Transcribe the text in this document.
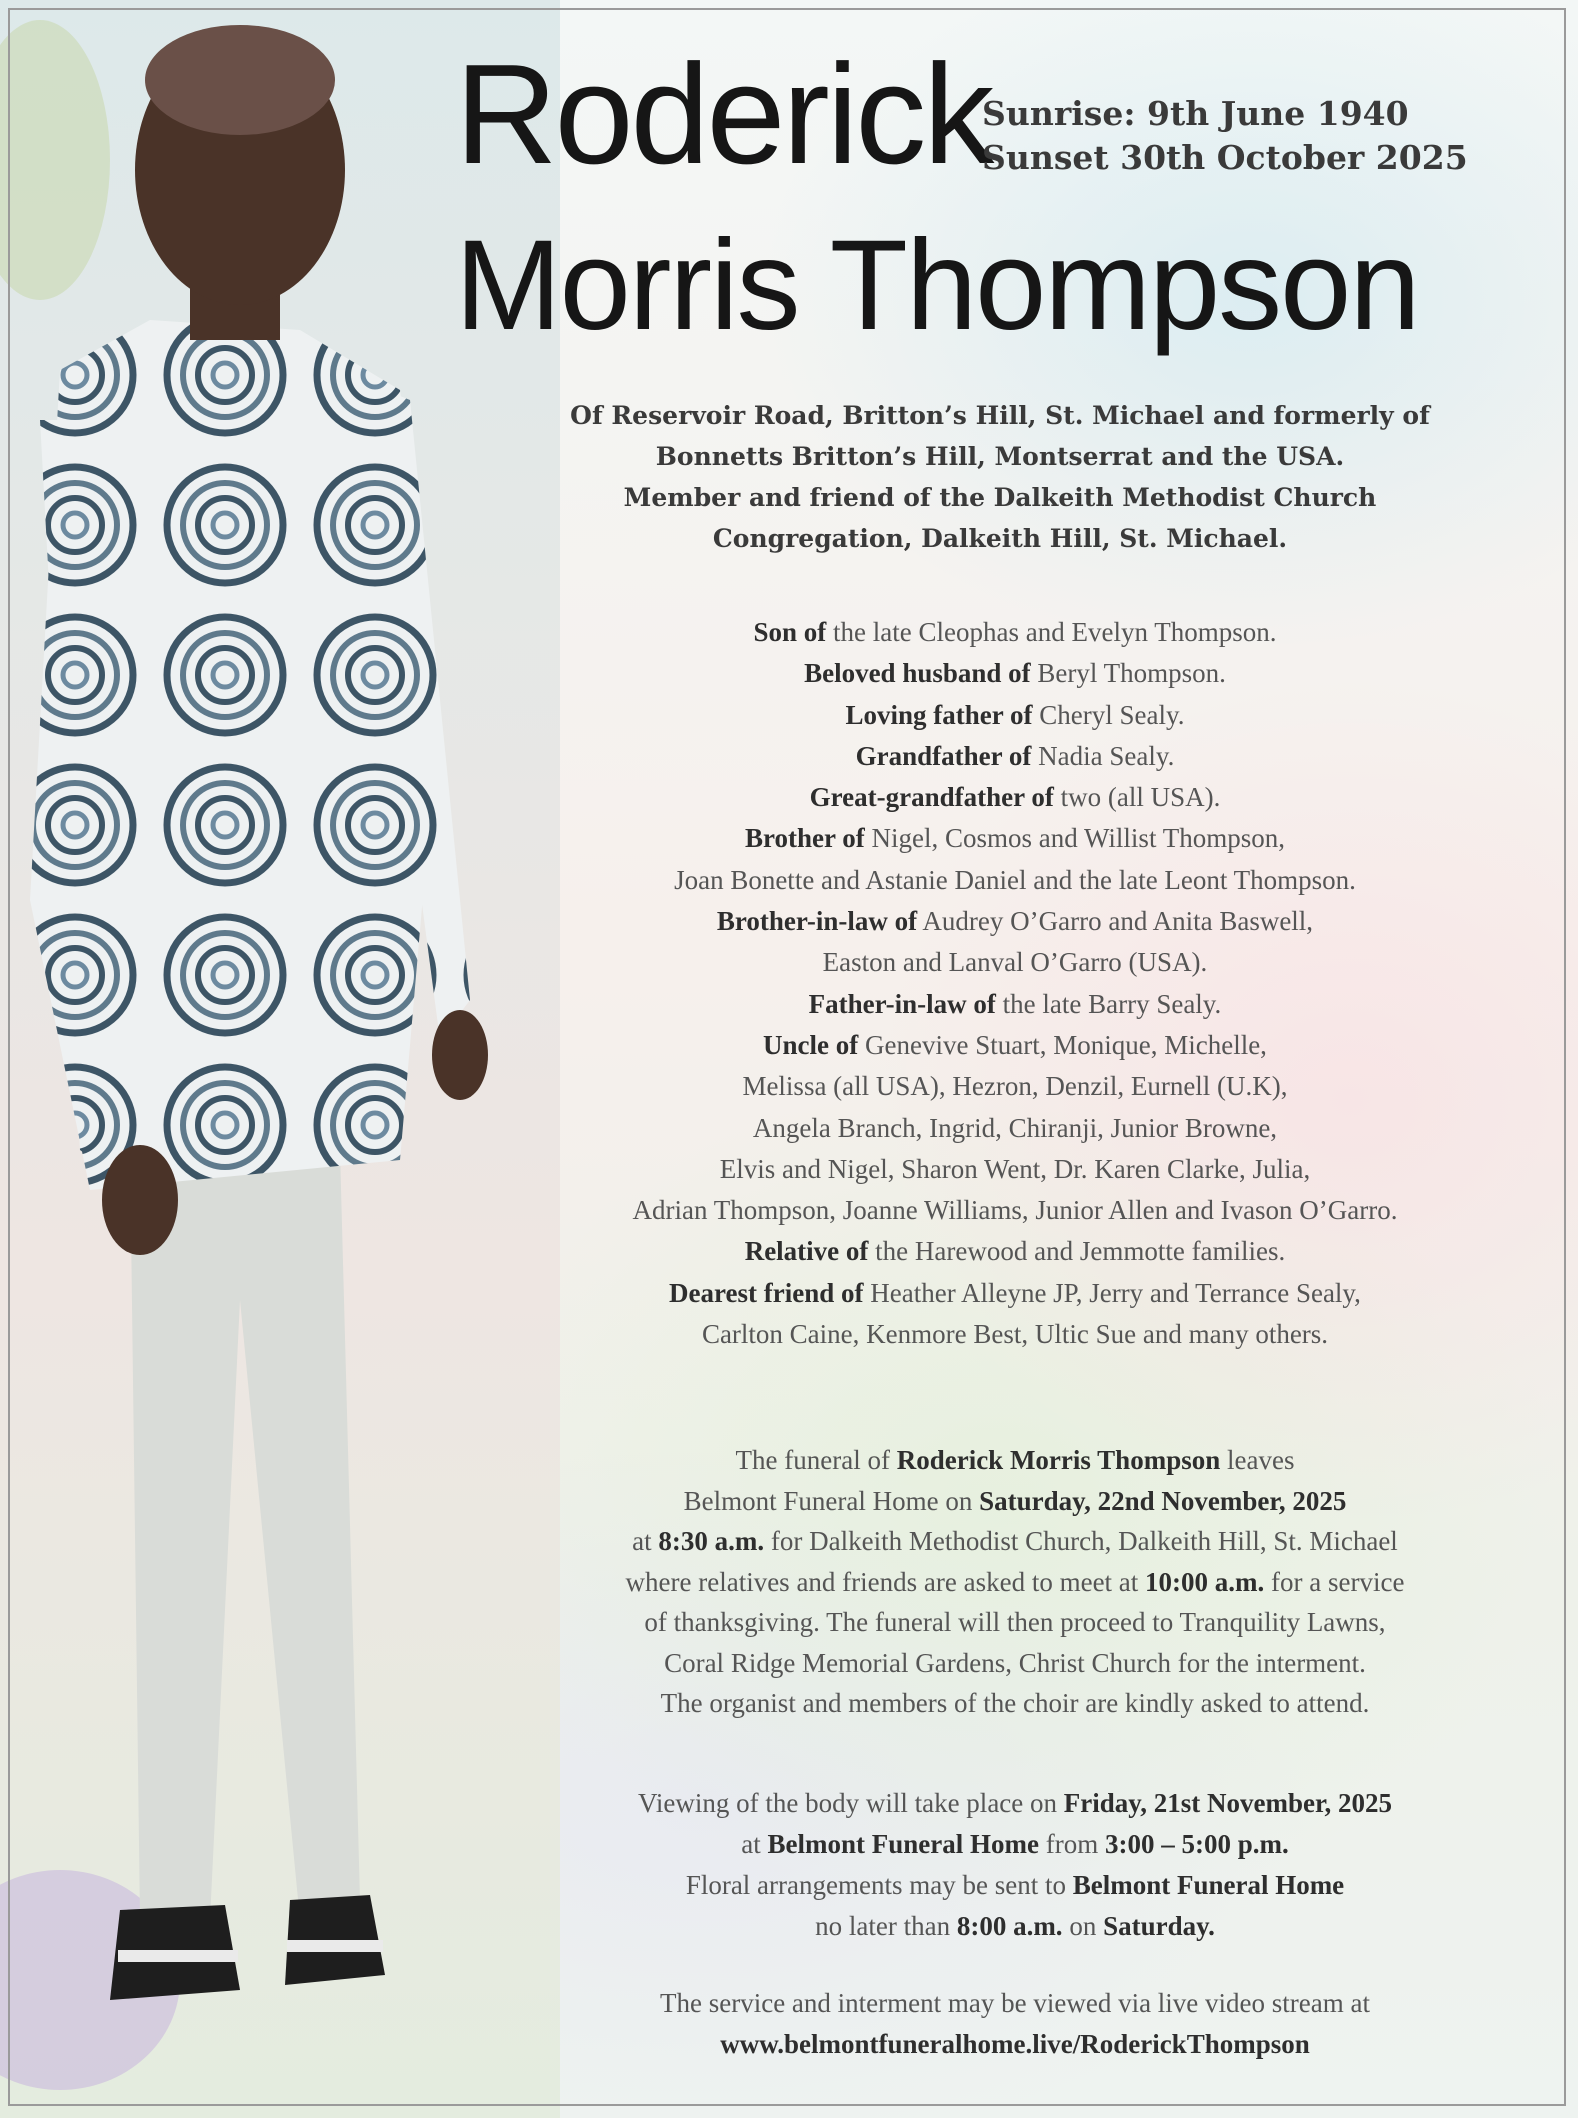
Roderick
Sunrise: 9th June 1940
Sunset 30th October 2025
Morris Thompson
Of Reservoir Road, Britton’s Hill, St. Michael and formerly of
Bonnetts Britton’s Hill, Montserrat and the USA.
Member and friend of the Dalkeith Methodist Church
Congregation, Dalkeith Hill, St. Michael.
Son of the late Cleophas and Evelyn Thompson.
Beloved husband of Beryl Thompson.
Loving father of Cheryl Sealy.
Grandfather of Nadia Sealy.
Great-grandfather of two (all USA).
Brother of Nigel, Cosmos and Willist Thompson,
Joan Bonette and Astanie Daniel and the late Leont Thompson.
Brother-in-law of Audrey O’Garro and Anita Baswell,
Easton and Lanval O’Garro (USA).
Father-in-law of the late Barry Sealy.
Uncle of Genevive Stuart, Monique, Michelle,
Melissa (all USA), Hezron, Denzil, Eurnell (U.K),
Angela Branch, Ingrid, Chiranji, Junior Browne,
Elvis and Nigel, Sharon Went, Dr. Karen Clarke, Julia,
Adrian Thompson, Joanne Williams, Junior Allen and Ivason O’Garro.
Relative of the Harewood and Jemmotte families.
Dearest friend of Heather Alleyne JP, Jerry and Terrance Sealy,
Carlton Caine, Kenmore Best, Ultic Sue and many others.
The funeral of Roderick Morris Thompson leaves
Belmont Funeral Home on Saturday, 22nd November, 2025
at 8:30 a.m. for Dalkeith Methodist Church, Dalkeith Hill, St. Michael
where relatives and friends are asked to meet at 10:00 a.m. for a service
of thanksgiving. The funeral will then proceed to Tranquility Lawns,
Coral Ridge Memorial Gardens, Christ Church for the interment.
The organist and members of the choir are kindly asked to attend.
Viewing of the body will take place on Friday, 21st November, 2025
at Belmont Funeral Home from 3:00 – 5:00 p.m.
Floral arrangements may be sent to Belmont Funeral Home
no later than 8:00 a.m. on Saturday.
The service and interment may be viewed via live video stream at
www.belmontfuneralhome.live/RoderickThompson
